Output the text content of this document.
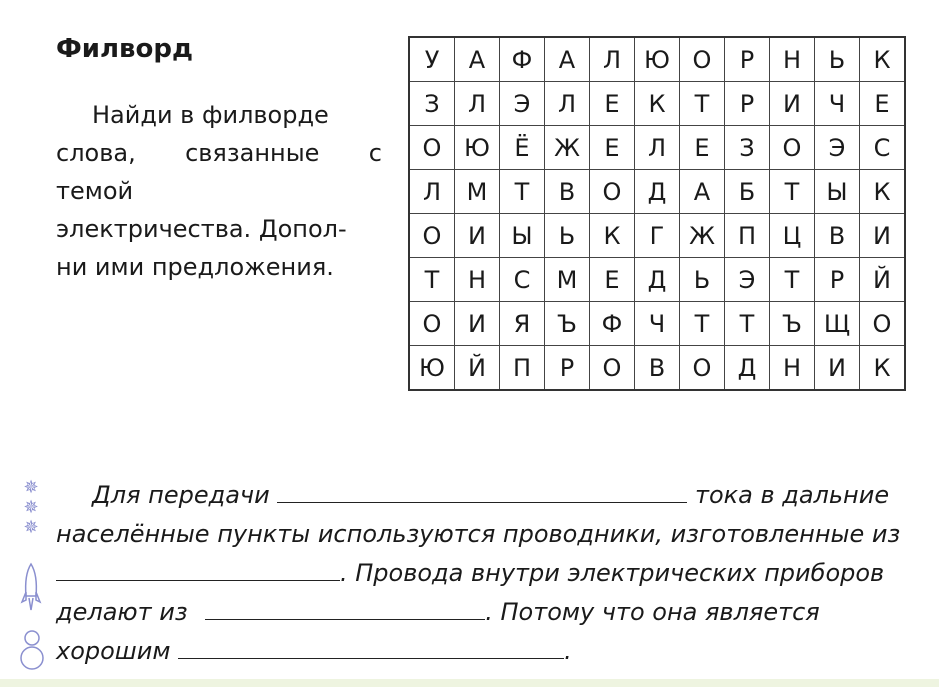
Филворд
Найди в филворде
слова, связанные с темой
электричества. Допол-
ни ими предложения.
У	А	Ф	А	Л	Ю	О	Р	Н	Ь	К
З	Л	Э	Л	Е	К	Т	Р	И	Ч	Е
О	Ю	Ё	Ж	Е	Л	Е	З	О	Э	С
Л	М	Т	В	О	Д	А	Б	Т	Ы	К
О	И	Ы	Ь	К	Г	Ж	П	Ц	В	И
Т	Н	С	М	Е	Д	Ь	Э	Т	Р	Й
О	И	Я	Ъ	Ф	Ч	Т	Т	Ъ	Щ	О
Ю	Й	П	Р	О	В	О	Д	Н	И	К
✵
✵
✵
Для передачи	тока в дальние
населённые пункты используются проводники, изготовленные из
. Провода внутри электрических приборов
делают из	. Потому что она является
хорошим	.
